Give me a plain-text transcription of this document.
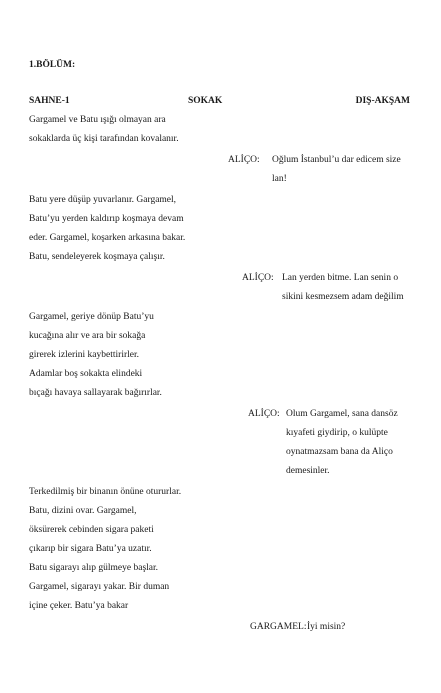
1.BÖLÜM:
SAHNE-1	SOKAK	DIŞ-AKŞAM
Gargamel ve Batu ışığı olmayan ara
sokaklarda üç kişi tarafından kovalanır.
ALİÇO: Oğlum İstanbul’u dar edicem size
lan!
Batu yere düşüp yuvarlanır. Gargamel,
Batu’yu yerden kaldırıp koşmaya devam
eder. Gargamel, koşarken arkasına bakar.
Batu, sendeleyerek koşmaya çalışır.
ALİÇO: Lan yerden bitme. Lan senin o
sikini kesmezsem adam değilim
Gargamel, geriye dönüp Batu’yu
kucağına alır ve ara bir sokağa
girerek izlerini kaybettirirler.
Adamlar boş sokakta elindeki
bıçağı havaya sallayarak bağırırlar.
ALİÇO: Olum Gargamel, sana dansöz
kıyafeti giydirip, o kulüpte
oynatmazsam bana da Aliço
demesinler.
Terkedilmiş bir binanın önüne otururlar.
Batu, dizini ovar. Gargamel,
öksürerek cebinden sigara paketi
çıkarıp bir sigara Batu’ya uzatır.
Batu sigarayı alıp gülmeye başlar.
Gargamel, sigarayı yakar. Bir duman
içine çeker. Batu’ya bakar
GARGAMEL: İyi misin?
